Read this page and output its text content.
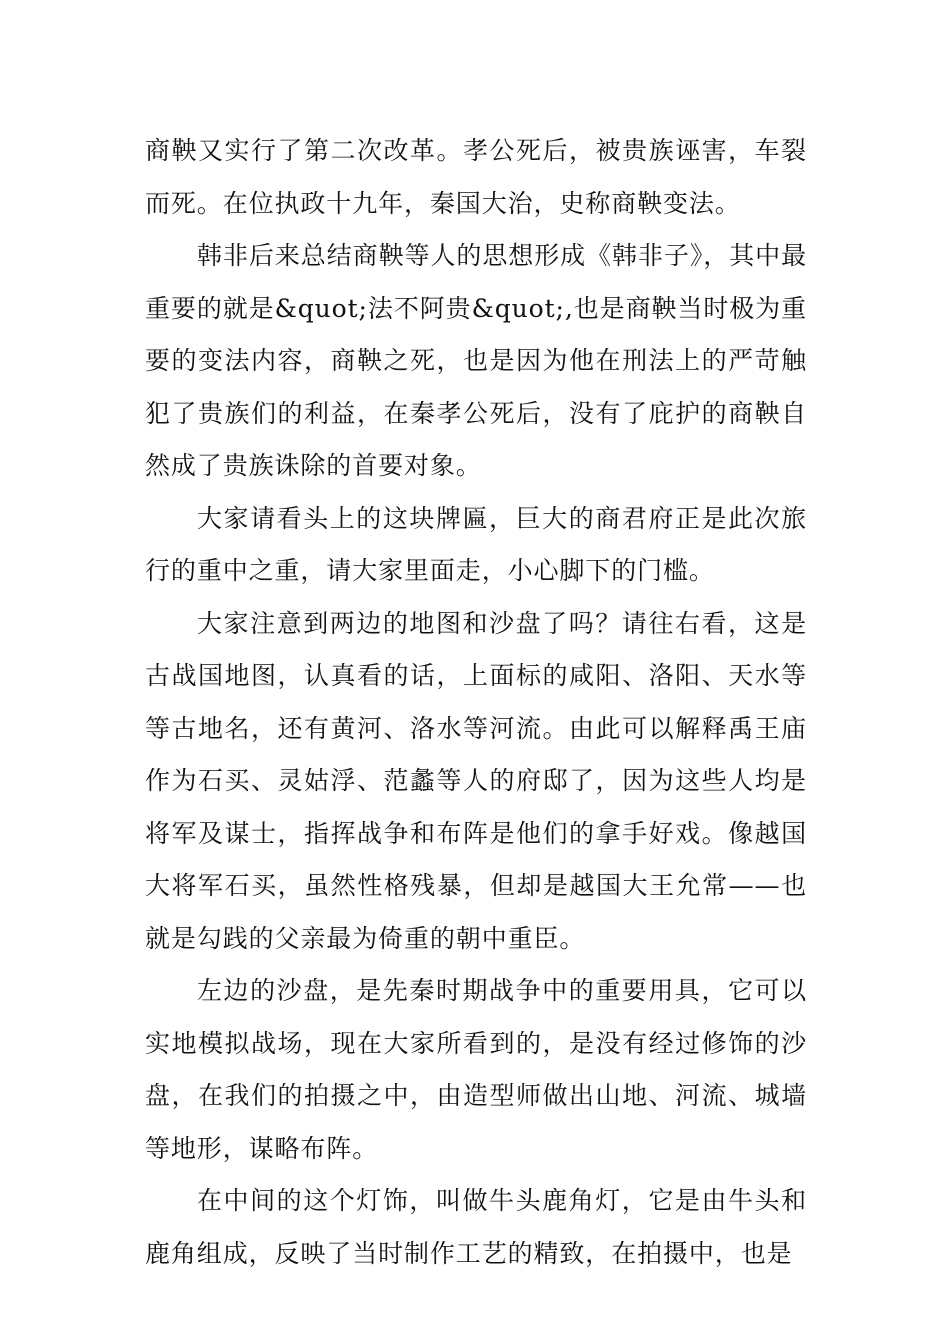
商鞅又实行了第二次改革。孝公死后，被贵族诬害，车裂而死。在位执政十九年，秦国大治，史称商鞅变法。

韩非后来总结商鞅等人的思想形成《韩非子》，其中最重要的就是&quot;法不阿贵&quot;,也是商鞅当时极为重要的变法内容，商鞅之死，也是因为他在刑法上的严苛触犯了贵族们的利益，在秦孝公死后，没有了庇护的商鞅自然成了贵族诛除的首要对象。

大家请看头上的这块牌匾，巨大的商君府正是此次旅行的重中之重，请大家里面走，小心脚下的门槛。

大家注意到两边的地图和沙盘了吗？请往右看，这是古战国地图，认真看的话，上面标的咸阳、洛阳、天水等等古地名，还有黄河、洛水等河流。由此可以解释禹王庙作为石买、灵姑浮、范蠡等人的府邸了，因为这些人均是将军及谋士，指挥战争和布阵是他们的拿手好戏。像越国大将军石买，虽然性格残暴，但却是越国大王允常——也就是勾践的父亲最为倚重的朝中重臣。

左边的沙盘，是先秦时期战争中的重要用具，它可以实地模拟战场，现在大家所看到的，是没有经过修饰的沙盘，在我们的拍摄之中，由造型师做出山地、河流、城墙等地形，谋略布阵。

在中间的这个灯饰，叫做牛头鹿角灯，它是由牛头和鹿角组成，反映了当时制作工艺的精致，在拍摄中，也是
